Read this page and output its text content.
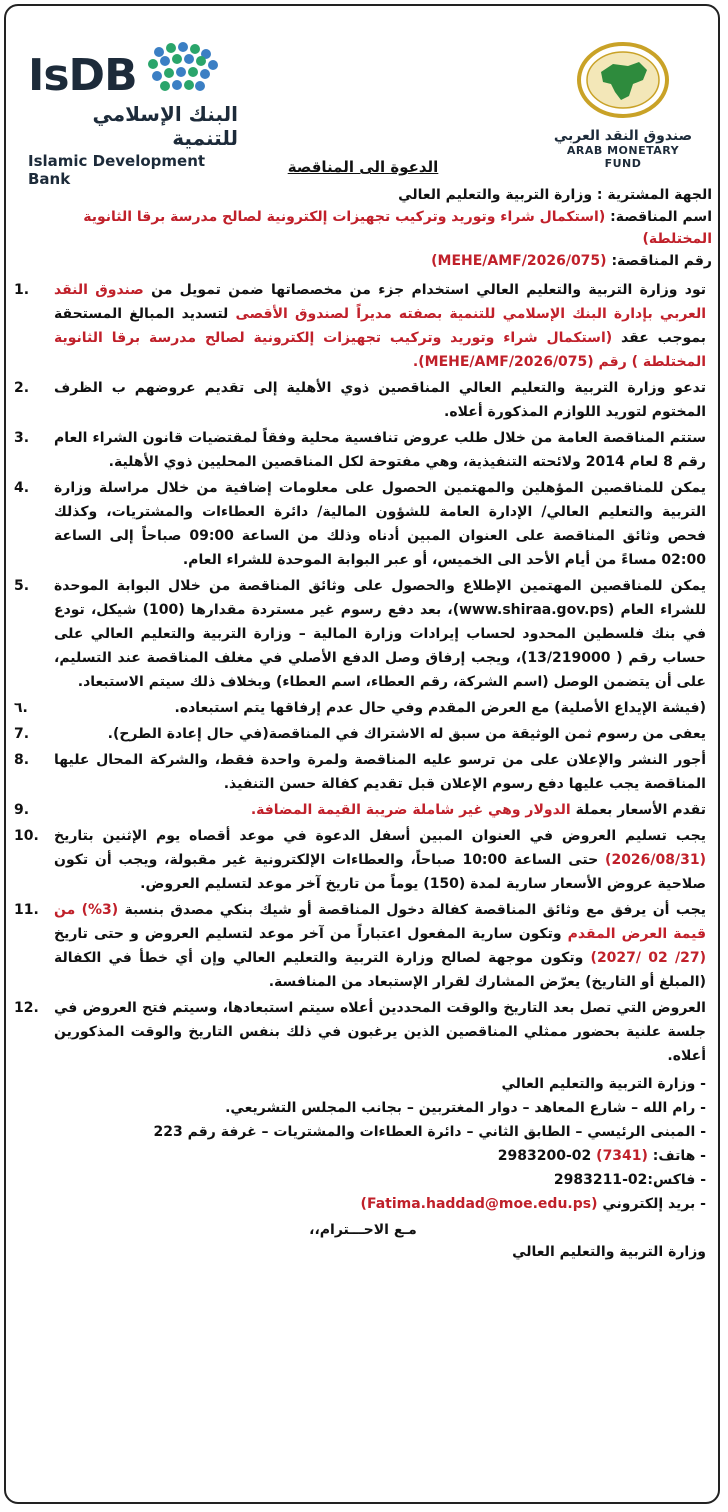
IsDB
البنك الإسلامي للتنمية
Islamic Development Bank
صندوق النقد العربي
ARAB MONETARY FUND
الدعوة الى المناقصة

الجهة المشترية : وزارة التربية والتعليم العالي

اسم المناقصة: (استكمال شراء وتوريد وتركيب تجهيزات إلكترونية لصالح مدرسة برقا الثانوية المختلطة)

رقم المناقصة: (MEHE/AMF/2026/075)

تود وزارة التربية والتعليم العالي استخدام جزء من مخصصاتها ضمن تمويل من صندوق النقد العربي بإدارة البنك الإسلامي للتنمية بصفته مديراً لصندوق الأقصى لتسديد المبالغ المستحقة بموجب عقد (استكمال شراء وتوريد وتركيب تجهيزات إلكترونية لصالح مدرسة برقا الثانوية المختلطة ) رقم (MEHE/AMF/2026/075).
1.
تدعو وزارة التربية والتعليم العالي المناقصين ذوي الأهلية إلى تقديم عروضهم ب الظرف المختوم لتوريد اللوازم المذكورة أعلاه.
2.
ستتم المناقصة العامة من خلال طلب عروض تنافسية محلية وفقاً لمقتضيات قانون الشراء العام رقم 8 لعام 2014 ولائحته التنفيذية، وهي مفتوحة لكل المناقصين المحليين ذوي الأهلية.
3.
يمكن للمناقصين المؤهلين والمهتمين الحصول على معلومات إضافية من خلال مراسلة وزارة التربية والتعليم العالي/ الإدارة العامة للشؤون المالية/ دائرة العطاءات والمشتريات، وكذلك فحص وثائق المناقصة على العنوان المبين أدناه وذلك من الساعة 09:00 صباحاً إلى الساعة 02:00 مساءً من أيام الأحد الى الخميس، أو عبر البوابة الموحدة للشراء العام.
4.
يمكن للمناقصين المهتمين الإطلاع والحصول على وثائق المناقصة من خلال البوابة الموحدة للشراء العام (www.shiraa.gov.ps)، بعد دفع رسوم غير مستردة مقدارها (100) شيكل، تودع في بنك فلسطين المحدود لحساب إيرادات وزارة المالية – وزارة التربية والتعليم العالي على حساب رقم ( 13/219000)، ويجب إرفاق وصل الدفع الأصلي في مغلف المناقصة عند التسليم، على أن يتضمن الوصل (اسم الشركة، رقم العطاء، اسم العطاء) وبخلاف ذلك سيتم الاستبعاد.
5.
(فيشة الإيداع الأصلية) مع العرض المقدم وفي حال عدم إرفاقها يتم استبعاده.
٦.
يعفى من رسوم ثمن الوثيقة من سبق له الاشتراك في المناقصة(في حال إعادة الطرح).
7.
أجور النشر والإعلان على من ترسو عليه المناقصة ولمرة واحدة فقط، والشركة المحال عليها المناقصة يجب عليها دفع رسوم الإعلان قبل تقديم كفالة حسن التنفيذ.
8.
تقدم الأسعار بعملة الدولار وهي غير شاملة ضريبة القيمة المضافة.
9.
يجب تسليم العروض في العنوان المبين أسفل الدعوة في موعد أقصاه يوم الإثنين بتاريخ (2026/08/31) حتى الساعة 10:00 صباحاً، والعطاءات الإلكترونية غير مقبولة، ويجب أن تكون صلاحية عروض الأسعار سارية لمدة (150) يوماً من تاريخ آخر موعد لتسليم العروض.
10.
يجب أن يرفق مع وثائق المناقصة كفالة دخول المناقصة أو شيك بنكي مصدق بنسبة (3%) من قيمة العرض المقدم وتكون سارية المفعول اعتباراً من آخر موعد لتسليم العروض و حتى تاريخ (27/ 02 /2027) وتكون موجهة لصالح وزارة التربية والتعليم العالي وإن أي خطأ في الكفالة (المبلغ أو التاريخ) يعرّض المشارك لقرار الإستبعاد من المنافسة.
11.
العروض التي تصل بعد التاريخ والوقت المحددين أعلاه سيتم استبعادها، وسيتم فتح العروض في جلسة علنية بحضور ممثلي المناقصين الذين يرغبون في ذلك بنفس التاريخ والوقت المذكورين أعلاه.
12.

- وزارة التربية والتعليم العالي

- رام الله – شارع المعاهد – دوار المغتربين – بجانب المجلس التشريعي.

- المبنى الرئيسي – الطابق الثاني – دائرة العطاءات والمشتريات – غرفة رقم 223

- هاتف: (7341) 02-2983200

- فاكس:02-2983211

- بريد إلكتروني (Fatima.haddad@moe.edu.ps)

مـع الاحـــترام،،
وزارة التربية والتعليم العالي
